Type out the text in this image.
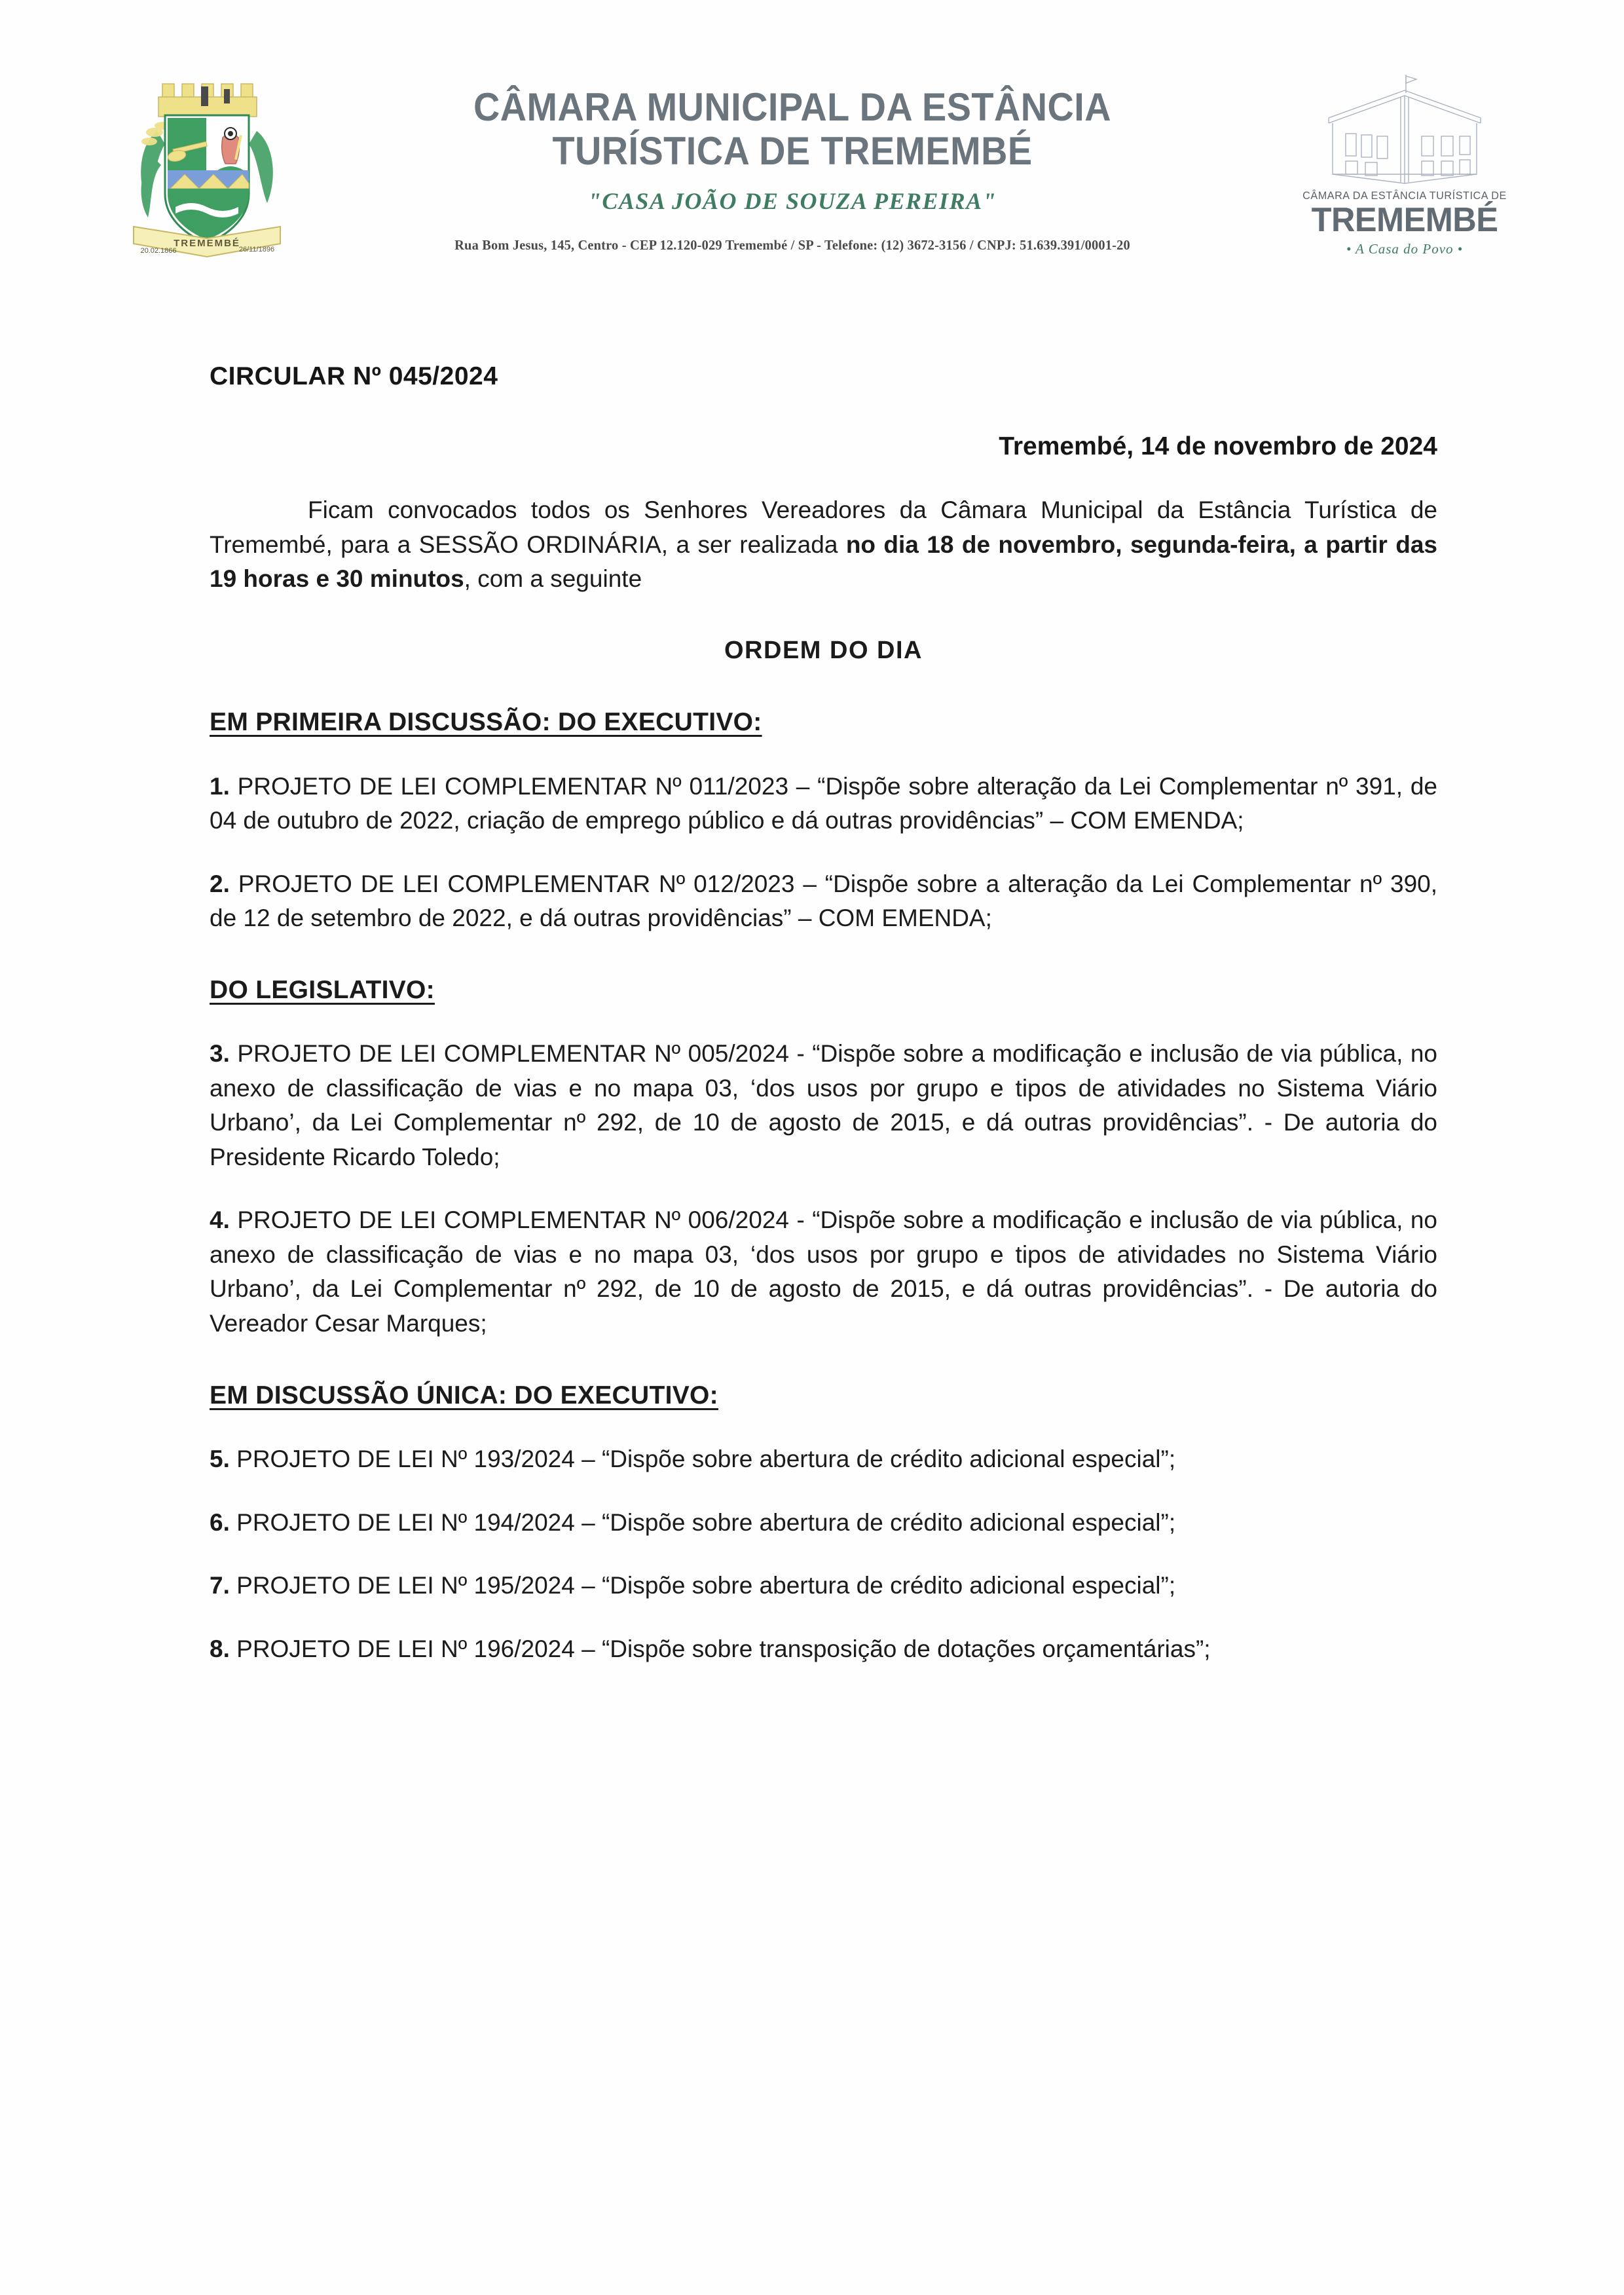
TREMEMBÉ
20.02.1866	26/11/1896
CÂMARA MUNICIPAL DA ESTÂNCIA
TURÍSTICA DE TREMEMBÉ
"CASA JOÃO DE SOUZA PEREIRA"
Rua Bom Jesus, 145, Centro - CEP 12.120-029 Tremembé / SP - Telefone: (12) 3672-3156 / CNPJ: 51.639.391/0001-20
CÂMARA DA ESTÂNCIA TURÍSTICA DE
TREMEMBÉ
• A Casa do Povo •
CIRCULAR Nº 045/2024
Tremembé, 14 de novembro de 2024
Ficam convocados todos os Senhores Vereadores da Câmara Municipal da Estância Turística de Tremembé, para a SESSÃO ORDINÁRIA, a ser realizada no dia 18 de novembro, segunda-feira, a partir das 19 horas e 30 minutos, com a seguinte
ORDEM DO DIA
EM PRIMEIRA DISCUSSÃO: DO EXECUTIVO:
1. PROJETO DE LEI COMPLEMENTAR Nº 011/2023 – “Dispõe sobre alteração da Lei Complementar nº 391, de 04 de outubro de 2022, criação de emprego público e dá outras providências” – COM EMENDA;
2. PROJETO DE LEI COMPLEMENTAR Nº 012/2023 – “Dispõe sobre a alteração da Lei Complementar nº 390, de 12 de setembro de 2022, e dá outras providências” – COM EMENDA;
DO LEGISLATIVO:
3. PROJETO DE LEI COMPLEMENTAR Nº 005/2024 - “Dispõe sobre a modificação e inclusão de via pública, no anexo de classificação de vias e no mapa 03, ‘dos usos por grupo e tipos de atividades no Sistema Viário Urbano’, da Lei Complementar nº 292, de 10 de agosto de 2015, e dá outras providências”. - De autoria do Presidente Ricardo Toledo;
4. PROJETO DE LEI COMPLEMENTAR Nº 006/2024 - “Dispõe sobre a modificação e inclusão de via pública, no anexo de classificação de vias e no mapa 03, ‘dos usos por grupo e tipos de atividades no Sistema Viário Urbano’, da Lei Complementar nº 292, de 10 de agosto de 2015, e dá outras providências”. - De autoria do Vereador Cesar Marques;
EM DISCUSSÃO ÚNICA: DO EXECUTIVO:
5. PROJETO DE LEI Nº 193/2024 – “Dispõe sobre abertura de crédito adicional especial”;
6. PROJETO DE LEI Nº 194/2024 – “Dispõe sobre abertura de crédito adicional especial”;
7. PROJETO DE LEI Nº 195/2024 – “Dispõe sobre abertura de crédito adicional especial”;
8. PROJETO DE LEI Nº 196/2024 – “Dispõe sobre transposição de dotações orçamentárias”;
